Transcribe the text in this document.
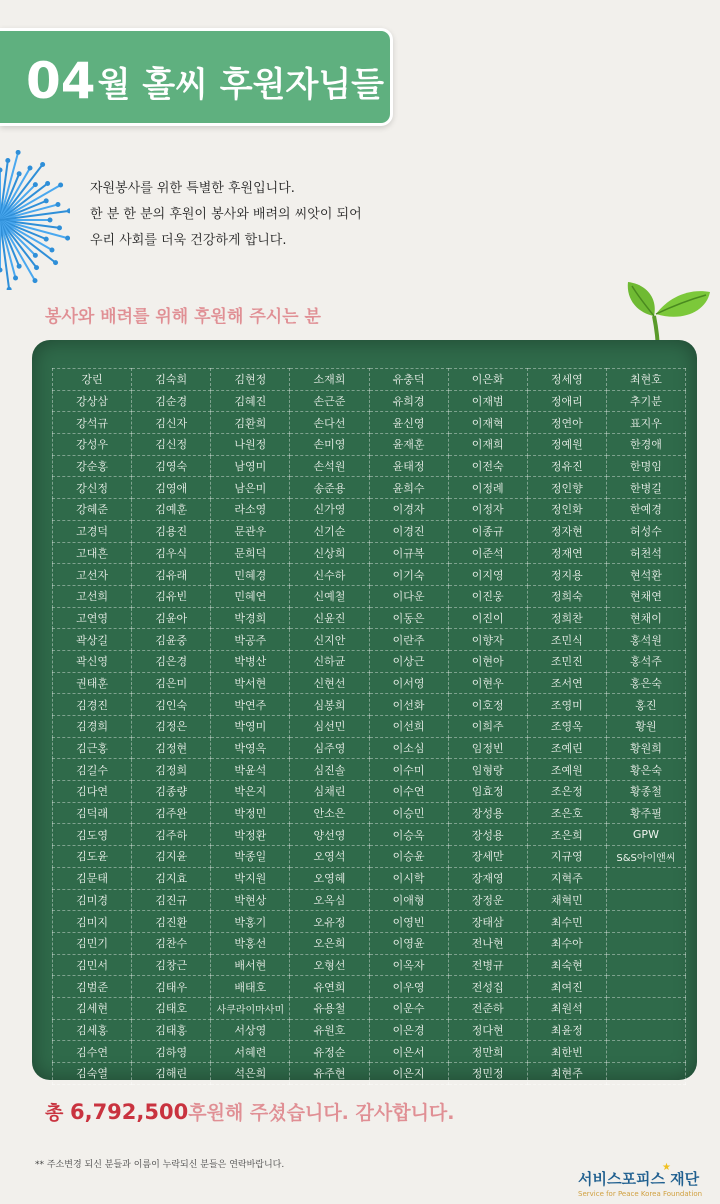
04월 홀씨 후원자님들
자원봉사를 위한 특별한 후원입니다.
한 분 한 분의 후원이 봉사와 배려의 씨앗이 되어
우리 사회를 더욱 건강하게 합니다.
봉사와 배려를 위해 후원해 주시는 분
강린	김숙희	김현정	소재희	유충덕	이은화	정세영	최현호
강상삼	김순경	김혜진	손근준	유희경	이재범	정애리	추기분
강석규	김신자	김환희	손다선	윤신영	이재혁	정연아	표지우
강성우	김신정	나원정	손미영	윤재훈	이재희	정예원	한경애
강순홍	김영숙	남영미	손석원	윤태정	이전숙	정유진	한명임
강신정	김영애	남은미	송준용	윤희수	이정례	정인향	한병길
강혜준	김예훈	라소영	신가영	이경자	이정자	정인화	한예경
고경덕	김용진	문관우	신기순	이경진	이종규	정자현	허성수
고대흔	김우식	문희덕	신상희	이규복	이준석	정재연	허천석
고선자	김유래	민혜경	신수하	이기숙	이지영	정지용	현석환
고선희	김유빈	민혜연	신예철	이다운	이진웅	정희숙	현채연
고연영	김윤아	박경희	신윤진	이동은	이진이	정희찬	현채이
곽상길	김윤중	박공주	신지안	이란주	이향자	조민식	홍석원
곽신영	김은경	박병산	신하균	이상근	이현아	조민진	홍석주
권태훈	김은미	박서현	신현선	이서영	이현우	조서연	홍은숙
김경진	김인숙	박연주	심봉희	이선화	이호정	조영미	홍진
김경희	김정은	박영미	심선민	이선희	이희주	조영옥	황원
김근홍	김정현	박영옥	심주영	이소심	임정빈	조예린	황원희
김길수	김정희	박윤석	심진솔	이수미	임형랑	조예원	황은숙
김다연	김종량	박은지	심채린	이수연	임효정	조은정	황종철
김덕래	김주완	박정민	안소은	이승민	장성용	조은호	황주필
김도영	김주하	박정환	양선영	이승옥	장성용	조은희	GPW
김도윤	김지윤	박종일	오영석	이승윤	장세만	지규영	S&S아이앤씨
김문태	김지효	박지원	오영혜	이시학	장재영	지혁주	
김미경	김진규	박현상	오옥심	이애형	장정운	채혁민	
김미지	김진환	박홍기	오유정	이영빈	장태삼	최수민	
김민기	김찬수	박홍선	오은희	이영윤	전나현	최수아	
김민서	김창근	배서현	오형선	이옥자	전병규	최숙현	
김범준	김태우	배태호	유연희	이우영	전성집	최여진	
김세현	김태호	사쿠라이마사미	유용철	이운수	전준하	최원석	
김세홍	김태홍	서상영	유원호	이은경	정다현	최윤정	
김수연	김하영	서혜련	유정순	이은서	정만희	최한빈	
김숙열	김해린	석은희	유주현	이은지	정민정	최현주	
총 6,792,500후원해 주셨습니다. 감사합니다.
** 주소변경 되신 분들과 이름이 누락되신 분들은 연락바랍니다.
서비스포피스 재단
★
Service for Peace Korea Foundation
